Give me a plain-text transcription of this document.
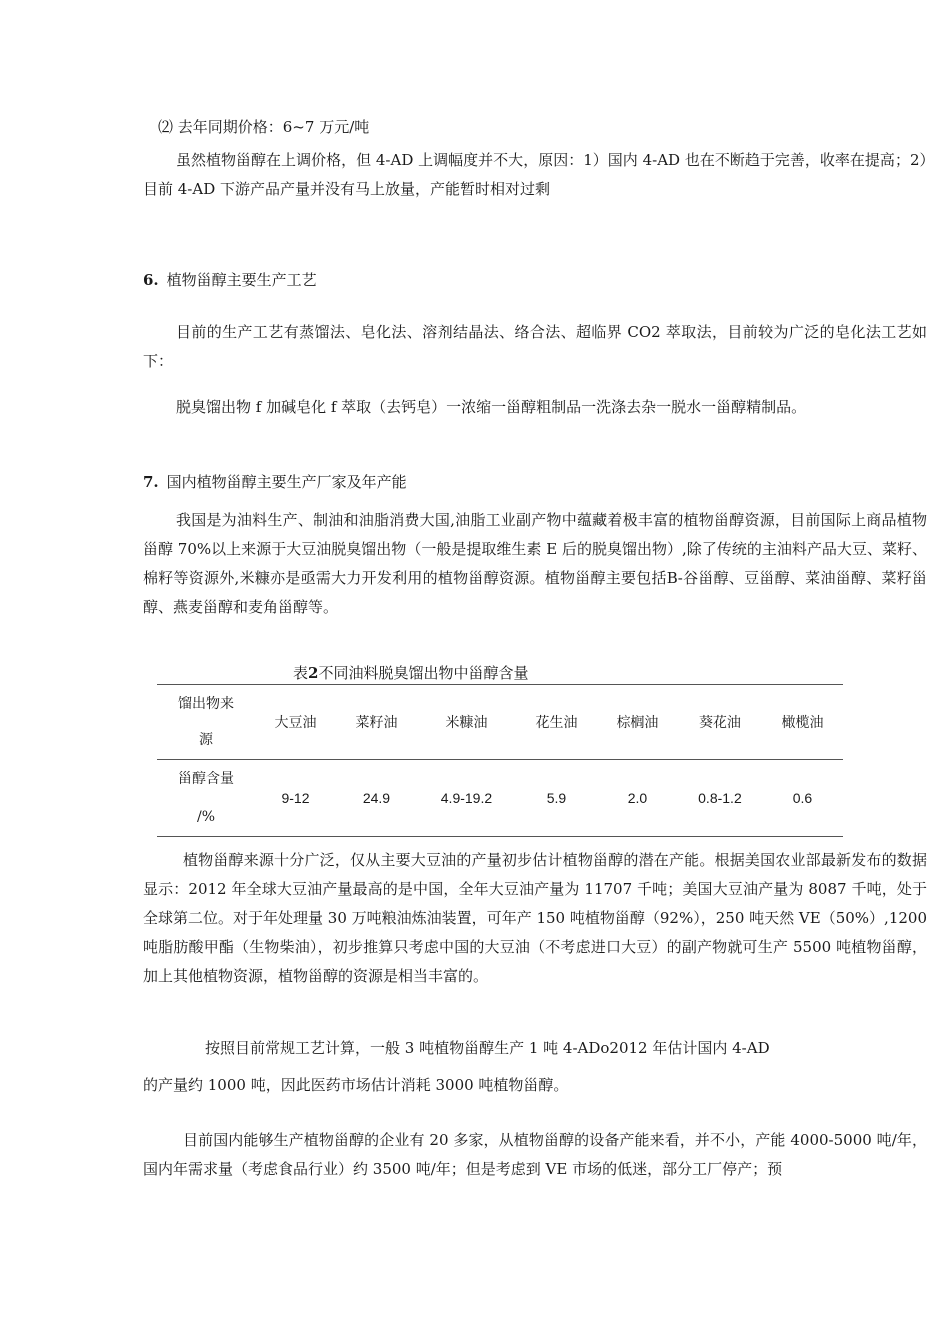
⑵ 去年同期价格：6~7 万元/吨

虽然植物甾醇在上调价格，但 4-AD 上调幅度并不大，原因：1）国内 4-AD 也在不断趋于完善，收率在提高；2）目前 4-AD 下游产品产量并没有马上放量，产能暂时相对过剩

6. 植物甾醇主要生产工艺

目前的生产工艺有蒸馏法、皂化法、溶剂结晶法、络合法、超临界 CO2 萃取法，目前较为广泛的皂化法工艺如下：

脱臭馏出物 f 加碱皂化 f 萃取（去钙皂）一浓缩一甾醇粗制品一洗涤去杂一脱水一甾醇精制品。

7. 国内植物甾醇主要生产厂家及年产能

我国是为油料生产、制油和油脂消费大国,油脂工业副产物中蕴藏着极丰富的植物甾醇资源，目前国际上商品植物甾醇 70%以上来源于大豆油脱臭馏出物（一般是提取维生素 E 后的脱臭馏出物）,除了传统的主油料产品大豆、菜籽、棉籽等资源外,米糠亦是亟需大力开发利用的植物甾醇资源。植物甾醇主要包括Β-谷甾醇、豆甾醇、菜油甾醇、菜籽甾醇、燕麦甾醇和麦角甾醇等。

表2不同油料脱臭馏出物中甾醇含量
馏出物来
源	大豆油	菜籽油	米糠油	花生油	棕榈油	葵花油	橄榄油
甾醇含量
/%	9-12	24.9	4.9-19.2	5.9	2.0	0.8-1.2	0.6

植物甾醇来源十分广泛，仅从主要大豆油的产量初步估计植物甾醇的潜在产能。根据美国农业部最新发布的数据显示：2012 年全球大豆油产量最高的是中国，全年大豆油产量为 11707 千吨；美国大豆油产量为 8087 千吨，处于全球第二位。对于年处理量 30 万吨粮油炼油装置，可年产 150 吨植物甾醇（92%），250 吨天然 VE（50%）,1200 吨脂肪酸甲酯（生物柴油），初步推算只考虑中国的大豆油（不考虑进口大豆）的副产物就可生产 5500 吨植物甾醇，加上其他植物资源，植物甾醇的资源是相当丰富的。

按照目前常规工艺计算，一般 3 吨植物甾醇生产 1 吨 4-ADo2012 年估计国内 4-AD

的产量约 1000 吨，因此医药市场估计消耗 3000 吨植物甾醇。

目前国内能够生产植物甾醇的企业有 20 多家，从植物甾醇的设备产能来看，并不小，产能 4000-5000 吨/年，国内年需求量（考虑食品行业）约 3500 吨/年；但是考虑到 VE 市场的低迷，部分工厂停产；预
